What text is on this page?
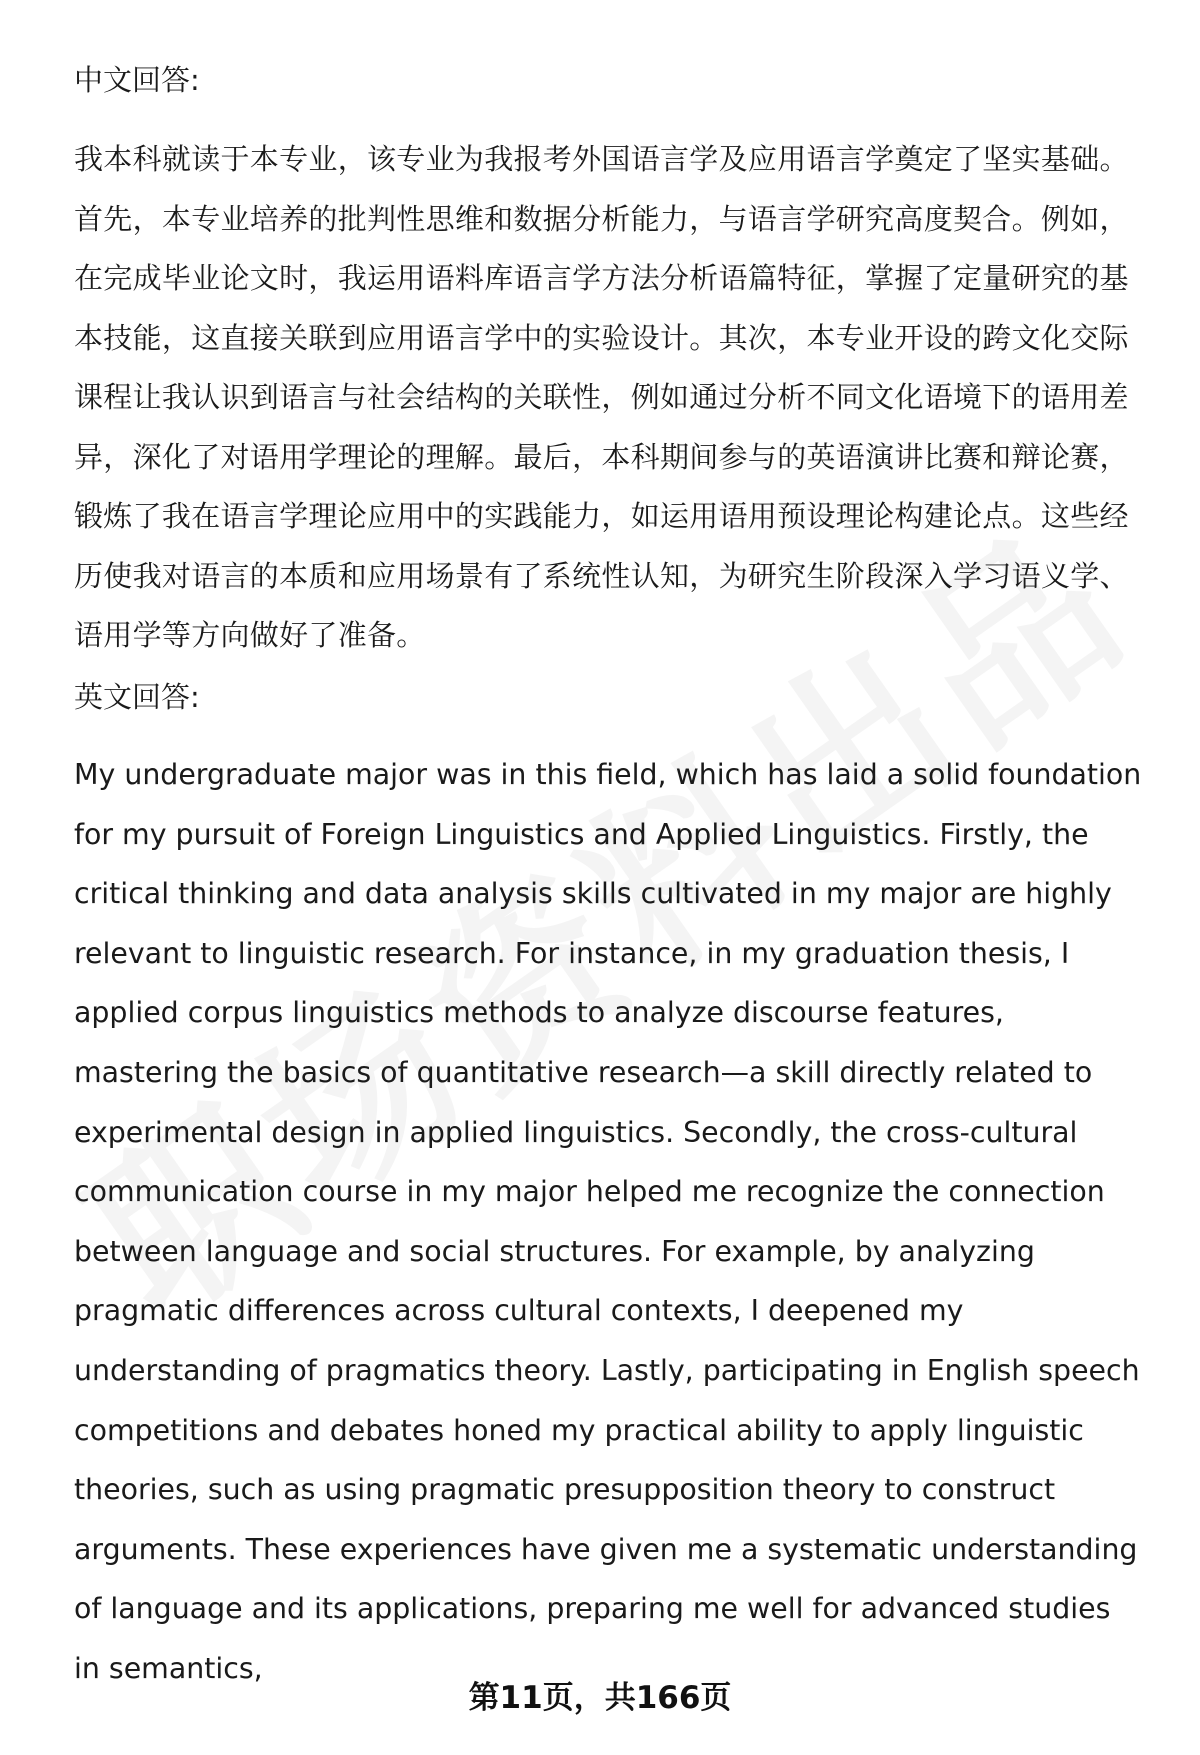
中文回答:

我本科就读于本专业，该专业为我报考外国语言学及应用语言学奠定了坚实基础。首先，本专业培养的批判性思维和数据分析能力，与语言学研究高度契合。例如，在完成毕业论文时，我运用语料库语言学方法分析语篇特征，掌握了定量研究的基本技能，这直接关联到应用语言学中的实验设计。其次，本专业开设的跨文化交际课程让我认识到语言与社会结构的关联性，例如通过分析不同文化语境下的语用差异，深化了对语用学理论的理解。最后，本科期间参与的英语演讲比赛和辩论赛，锻炼了我在语言学理论应用中的实践能力，如运用语用预设理论构建论点。这些经历使我对语言的本质和应用场景有了系统性认知，为研究生阶段深入学习语义学、语用学等方向做好了准备。

英文回答:

My undergraduate major was in this field, which has laid a solid foundation for my pursuit of Foreign Linguistics and Applied Linguistics. Firstly, the critical thinking and data analysis skills cultivated in my major are highly relevant to linguistic research. For instance, in my graduation thesis, I applied corpus linguistics methods to analyze discourse features, mastering the basics of quantitative research—a skill directly related to experimental design in applied linguistics. Secondly, the cross-cultural communication course in my major helped me recognize the connection between language and social structures. For example, by analyzing pragmatic differences across cultural contexts, I deepened my understanding of pragmatics theory. Lastly, participating in English speech competitions and debates honed my practical ability to apply linguistic theories, such as using pragmatic presupposition theory to construct arguments. These experiences have given me a systematic understanding of language and its applications, preparing me well for advanced studies in semantics,

第11页，共166页
